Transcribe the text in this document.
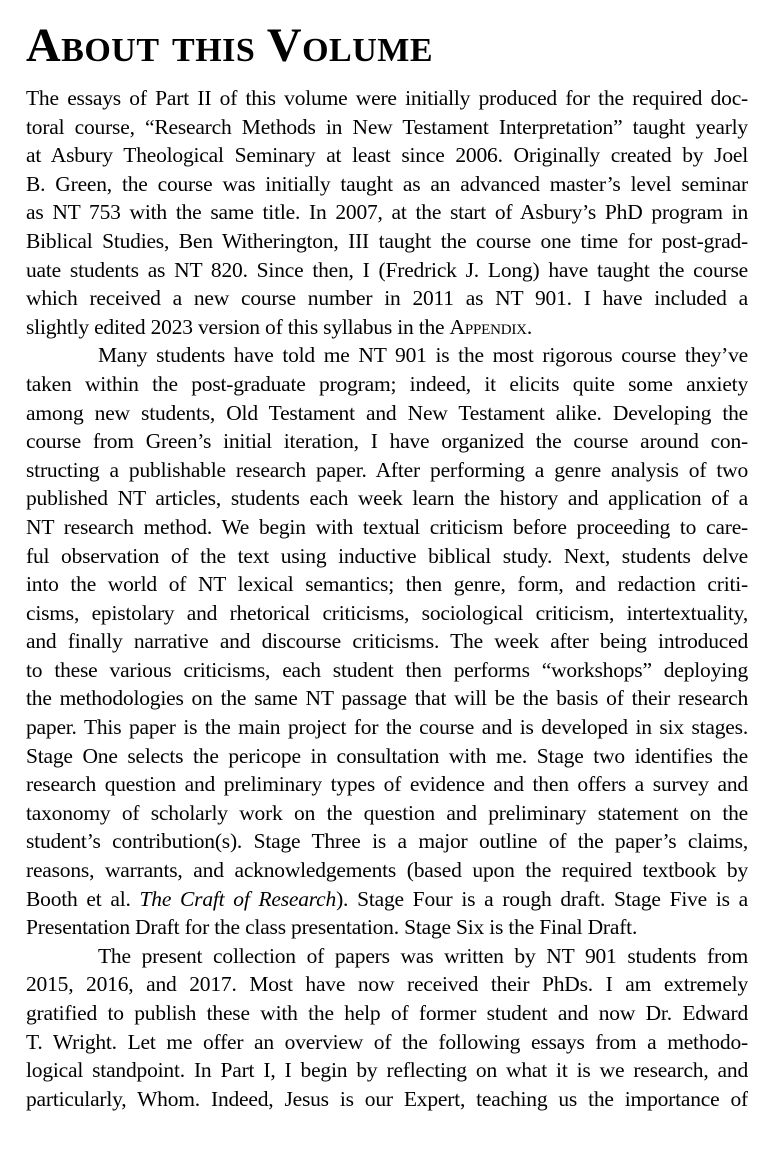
About this Volume
The essays of Part II of this volume were initially produced for the required doc-
toral course, “Research Methods in New Testament Interpretation” taught yearly
at Asbury Theological Seminary at least since 2006. Originally created by Joel
B. Green, the course was initially taught as an advanced master’s level seminar
as NT 753 with the same title. In 2007, at the start of Asbury’s PhD program in
Biblical Studies, Ben Witherington, III taught the course one time for post-grad-
uate students as NT 820. Since then, I (Fredrick J. Long) have taught the course
which received a new course number in 2011 as NT 901. I have included a
slightly edited 2023 version of this syllabus in the Appendix.
Many students have told me NT 901 is the most rigorous course they’ve
taken within the post-graduate program; indeed, it elicits quite some anxiety
among new students, Old Testament and New Testament alike. Developing the
course from Green’s initial iteration, I have organized the course around con-
structing a publishable research paper. After performing a genre analysis of two
published NT articles, students each week learn the history and application of a
NT research method. We begin with textual criticism before proceeding to care-
ful observation of the text using inductive biblical study. Next, students delve
into the world of NT lexical semantics; then genre, form, and redaction criti-
cisms, epistolary and rhetorical criticisms, sociological criticism, intertextuality,
and finally narrative and discourse criticisms. The week after being introduced
to these various criticisms, each student then performs “workshops” deploying
the methodologies on the same NT passage that will be the basis of their research
paper. This paper is the main project for the course and is developed in six stages.
Stage One selects the pericope in consultation with me. Stage two identifies the
research question and preliminary types of evidence and then offers a survey and
taxonomy of scholarly work on the question and preliminary statement on the
student’s contribution(s). Stage Three is a major outline of the paper’s claims,
reasons, warrants, and acknowledgements (based upon the required textbook by
Booth et al. The Craft of Research). Stage Four is a rough draft. Stage Five is a
Presentation Draft for the class presentation. Stage Six is the Final Draft.
The present collection of papers was written by NT 901 students from
2015, 2016, and 2017. Most have now received their PhDs. I am extremely
gratified to publish these with the help of former student and now Dr. Edward
T. Wright. Let me offer an overview of the following essays from a methodo-
logical standpoint. In Part I, I begin by reflecting on what it is we research, and
particularly, Whom. Indeed, Jesus is our Expert, teaching us the importance of
